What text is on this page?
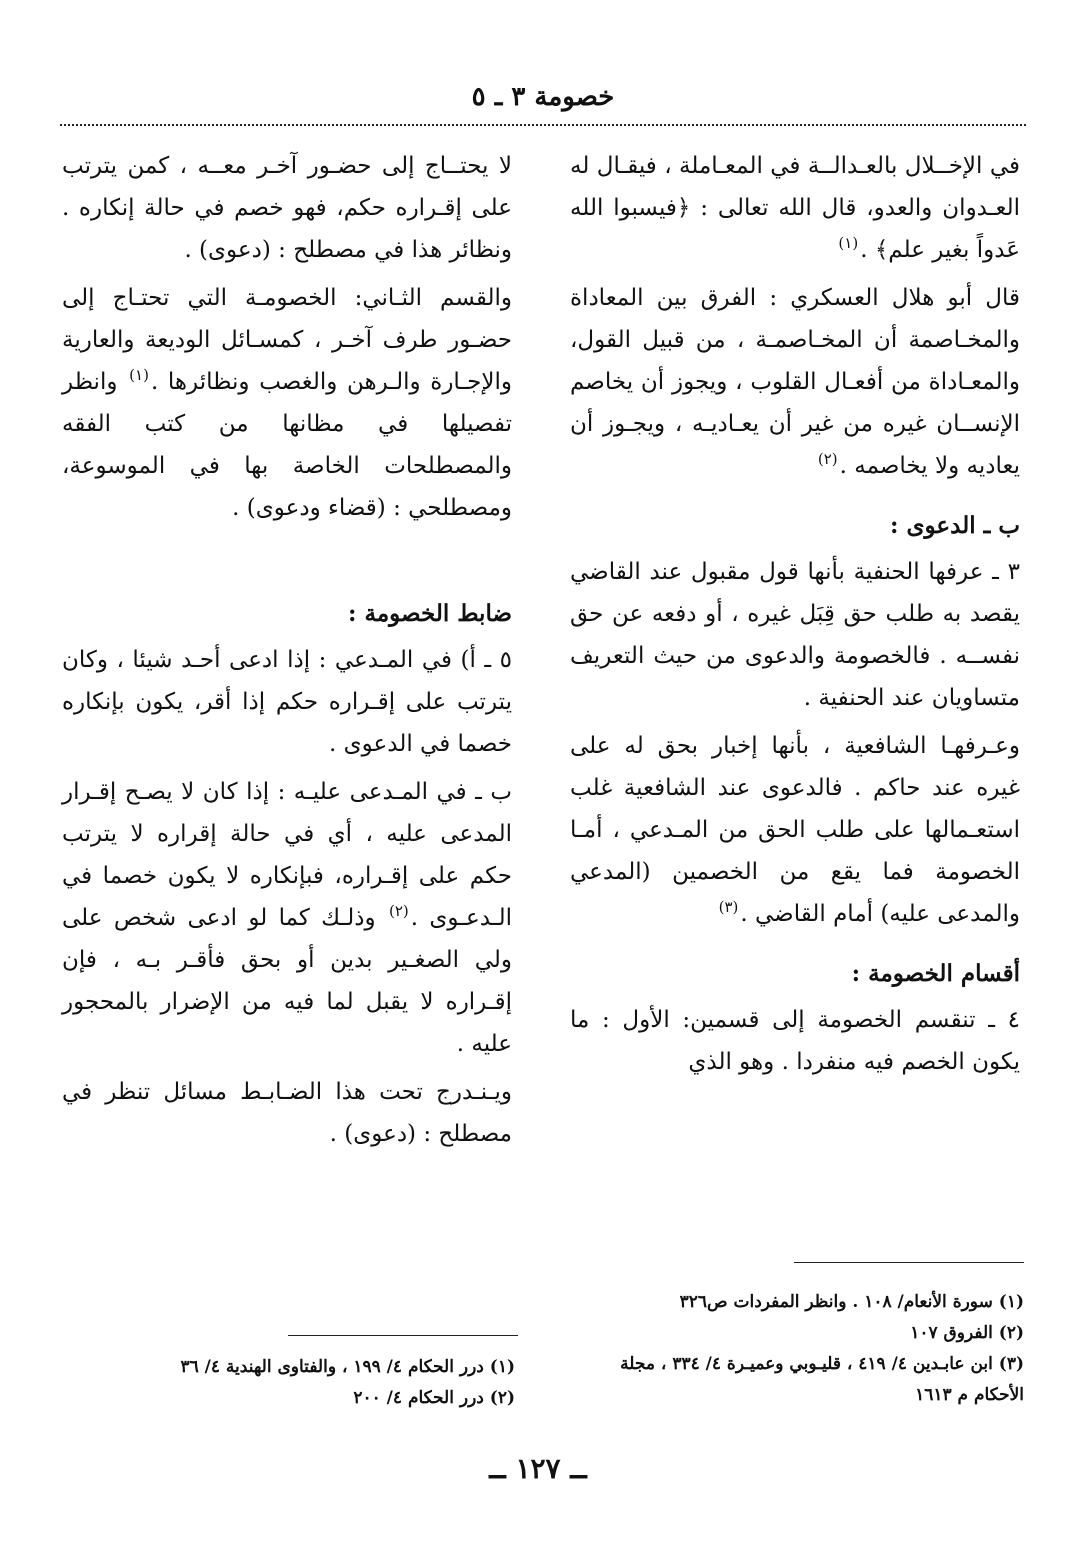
خصومة ٣ ـ ٥

في الإخــلال بالعـدالــة في المعـاملة ، فيقـال له العـدوان والعدو، قال الله تعالى : ﴿فيسبوا الله عَدواً بغير علم﴾ .$^{(١)}$

قال أبو هلال العسكري : الفرق بين المعاداة والمخـاصمة أن المخـاصمـة ، من قبيل القول، والمعـاداة من أفعـال القلوب ، ويجوز أن يخاصم الإنســان غيره من غير أن يعـاديـه ، ويجـوز أن يعاديه ولا يخاصمه .$^{(٢)}$

ب ـ الدعوى :

٣ ـ عرفها الحنفية بأنها قول مقبول عند القاضي يقصد به طلب حق قِبَل غيره ، أو دفعه عن حق نفســه . فالخصومة والدعوى من حيث التعريف متساويان عند الحنفية .

وعـرفهـا الشافعية ، بأنها إخبار بحق له على غيره عند حاكم . فالدعوى عند الشافعية غلب استعـمالها على طلب الحق من المـدعي ، أمـا الخصومة فما يقع من الخصمين (المدعي والمدعى عليه) أمام القاضي .$^{(٣)}$

أقسام الخصومة :

٤ ـ تنقسم الخصومة إلى قسمين: الأول : ما يكون الخصم فيه منفردا . وهو الذي

لا يحتــاج إلى حضـور آخـر معــه ، كمن يترتب على إقـراره حكم، فهو خصم في حالة إنكاره . ونظائر هذا في مصطلح : (دعوى) .

والقسم الثـاني: الخصومـة التي تحتـاج إلى حضـور طرف آخـر ، كمسـائل الوديعة والعارية والإجـارة والـرهن والغصب ونظائرها .$^{(١)}$ وانظر تفصيلها في مظانها من كتب الفقه والمصطلحات الخاصة بها في الموسوعة، ومصطلحي : (قضاء ودعوى) .

ضابط الخصومة :

٥ ـ أ) في المـدعي : إذا ادعى أحـد شيئا ، وكان يترتب على إقـراره حكم إذا أقر، يكون بإنكاره خصما في الدعوى .

ب ـ في المـدعى عليـه : إذا كان لا يصـح إقـرار المدعى عليه ، أي في حالة إقراره لا يترتب حكم على إقـراره، فبإنكاره لا يكون خصما في الـدعـوى .$^{(٢)}$ وذلـك كما لو ادعى شخص على ولي الصغـير بدين أو بحق فأقـر بـه ، فإن إقـراره لا يقبل لما فيه من الإضرار بالمحجور عليه .

ويـنـدرج تحت هذا الضـابـط مسائل تنظر في مصطلح : (دعوى) .

(١) سورة الأنعام/ ١٠٨ . وانظر المفردات ص٣٢٦
(٢) الفروق ١٠٧
(٣) ابن عابـدين ٤/ ٤١٩ ، قليـوبي وعميـرة ٤/ ٣٣٤ ، مجلة الأحكام م ١٦١٣
(١) درر الحكام ٤/ ١٩٩ ، والفتاوى الهندية ٤/ ٣٦
(٢) درر الحكام ٤/ ٢٠٠
ــ ١٢٧ ــ
